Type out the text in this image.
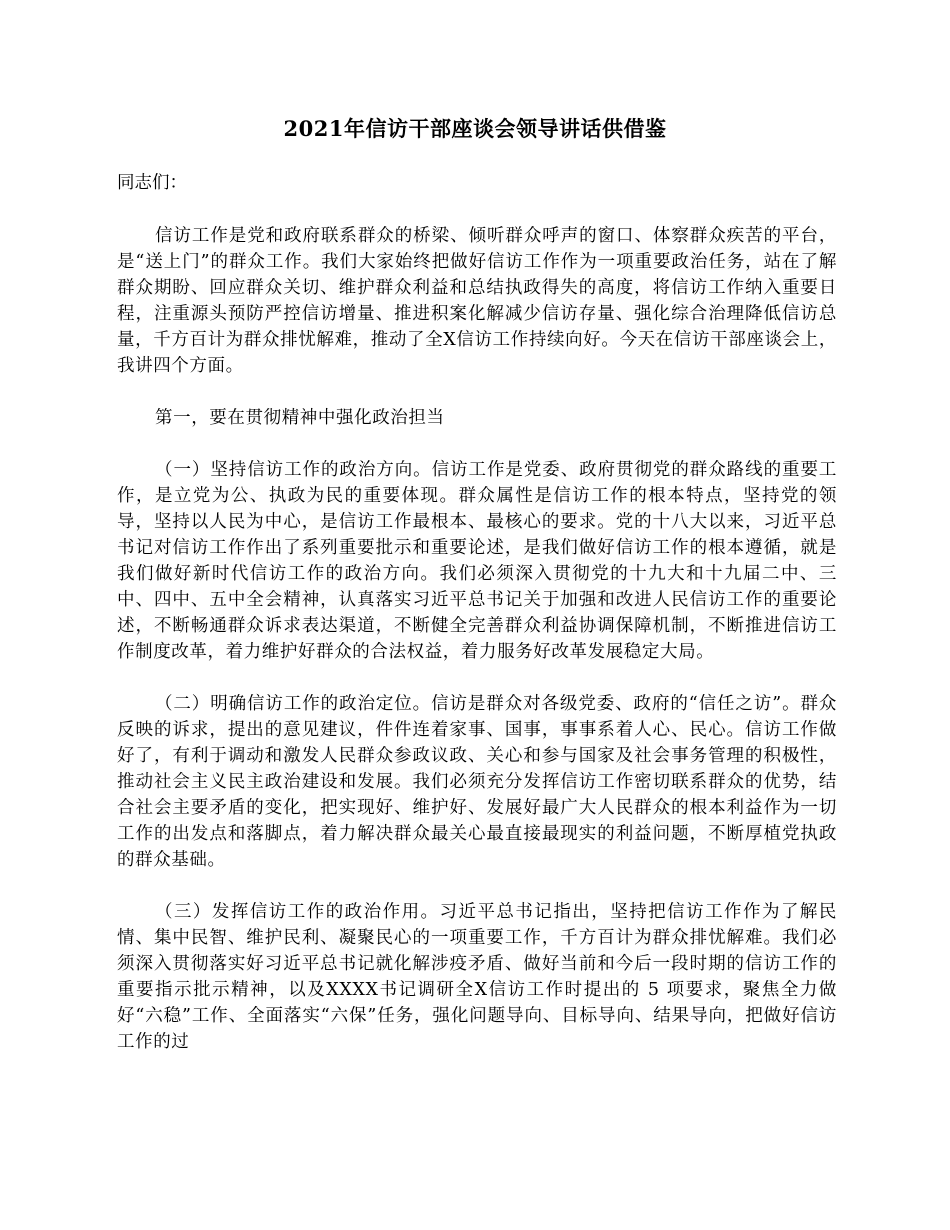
2021年信访干部座谈会领导讲话供借鉴

同志们：

信访工作是党和政府联系群众的桥梁、倾听群众呼声的窗口、体察群众疾苦的平台，是“送上门”的群众工作。我们大家始终把做好信访工作作为一项重要政治任务，站在了解群众期盼、回应群众关切、维护群众利益和总结执政得失的高度，将信访工作纳入重要日程，注重源头预防严控信访增量、推进积案化解减少信访存量、强化综合治理降低信访总量，千方百计为群众排忧解难，推动了全X信访工作持续向好。今天在信访干部座谈会上，我讲四个方面。

第一，要在贯彻精神中强化政治担当

（一）坚持信访工作的政治方向。信访工作是党委、政府贯彻党的群众路线的重要工作，是立党为公、执政为民的重要体现。群众属性是信访工作的根本特点，坚持党的领导，坚持以人民为中心，是信访工作最根本、最核心的要求。党的十八大以来，习近平总书记对信访工作作出了系列重要批示和重要论述，是我们做好信访工作的根本遵循，就是我们做好新时代信访工作的政治方向。我们必须深入贯彻党的十九大和十九届二中、三中、四中、五中全会精神，认真落实习近平总书记关于加强和改进人民信访工作的重要论述，不断畅通群众诉求表达渠道，不断健全完善群众利益协调保障机制，不断推进信访工作制度改革，着力维护好群众的合法权益，着力服务好改革发展稳定大局。

（二）明确信访工作的政治定位。信访是群众对各级党委、政府的“信任之访”。群众反映的诉求，提出的意见建议，件件连着家事、国事，事事系着人心、民心。信访工作做好了，有利于调动和激发人民群众参政议政、关心和参与国家及社会事务管理的积极性，推动社会主义民主政治建设和发展。我们必须充分发挥信访工作密切联系群众的优势，结合社会主要矛盾的变化，把实现好、维护好、发展好最广大人民群众的根本利益作为一切工作的出发点和落脚点，着力解决群众最关心最直接最现实的利益问题，不断厚植党执政的群众基础。

（三）发挥信访工作的政治作用。习近平总书记指出，坚持把信访工作作为了解民情、集中民智、维护民利、凝聚民心的一项重要工作，千方百计为群众排忧解难。我们必须深入贯彻落实好习近平总书记就化解涉疫矛盾、做好当前和今后一段时期的信访工作的重要指示批示精神，以及XXXX书记调研全X信访工作时提出的 5 项要求，聚焦全力做好“六稳”工作、全面落实“六保”任务，强化问题导向、目标导向、结果导向，把做好信访工作的过
